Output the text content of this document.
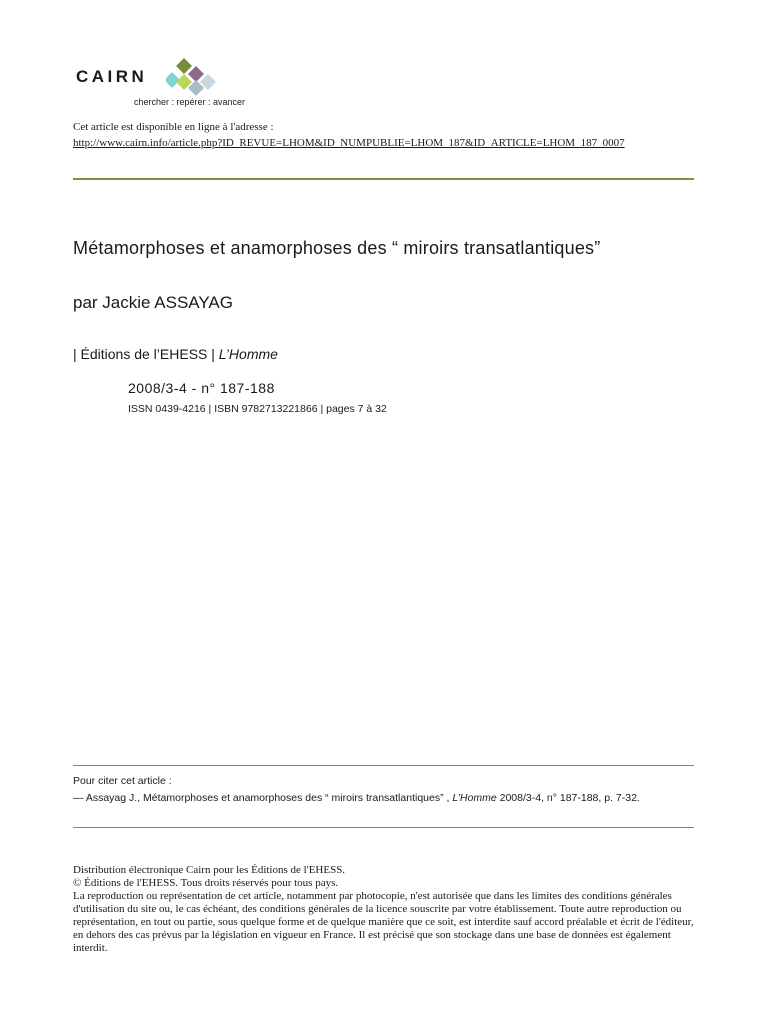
CAIRN
chercher : repérer : avancer
Cet article est disponible en ligne à l'adresse :
http://www.cairn.info/article.php?ID_REVUE=LHOM&ID_NUMPUBLIE=LHOM_187&ID_ARTICLE=LHOM_187_0007
Métamorphoses et anamorphoses des “ miroirs transatlantiques”
par Jackie ASSAYAG
| Éditions de l’EHESS | L’Homme
2008/3-4 - n° 187-188
ISSN 0439-4216 | ISBN 9782713221866 | pages 7 à 32
Pour citer cet article :
— Assayag J., Métamorphoses et anamorphoses des “ miroirs transatlantiques” , L’Homme 2008/3-4, n° 187-188, p. 7-32.
Distribution électronique Cairn pour les Éditions de l'EHESS.
© Éditions de l'EHESS. Tous droits réservés pour tous pays.
La reproduction ou représentation de cet article, notamment par photocopie, n'est autorisée que dans les limites des conditions générales d'utilisation du site ou, le cas échéant, des conditions générales de la licence souscrite par votre établissement. Toute autre reproduction ou représentation, en tout ou partie, sous quelque forme et de quelque manière que ce soit, est interdite sauf accord préalable et écrit de l'éditeur, en dehors des cas prévus par la législation en vigueur en France. Il est précisé que son stockage dans une base de données est également interdit.
